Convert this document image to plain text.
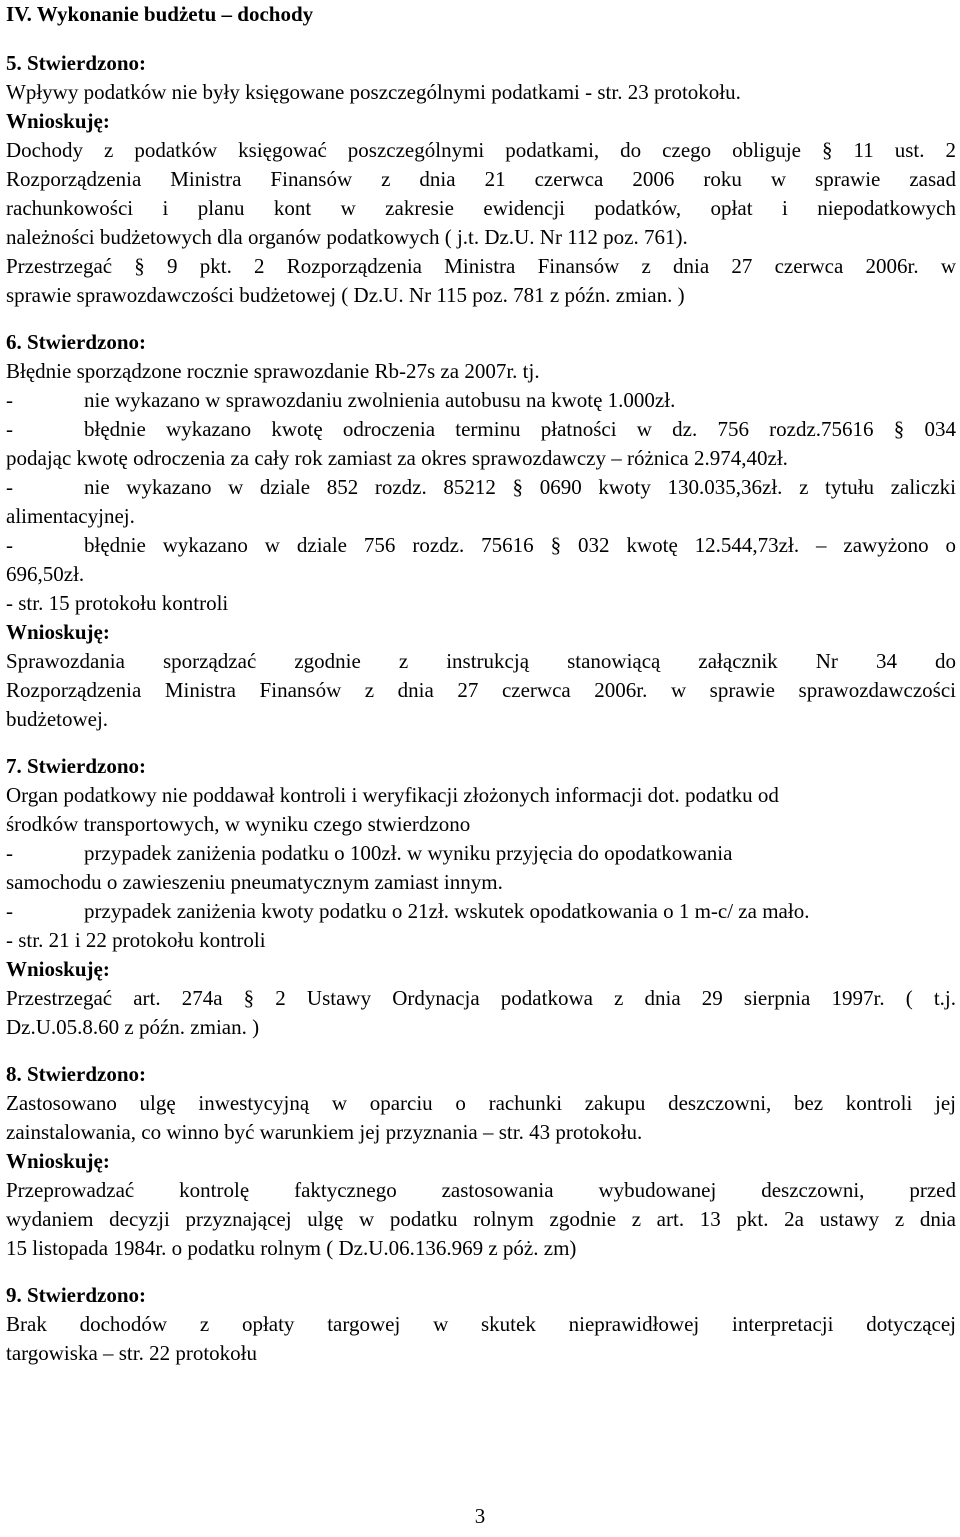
IV. Wykonanie budżetu – dochody
5. Stwierdzono:
Wpływy podatków nie były księgowane poszczególnymi podatkami - str. 23 protokołu.
Wnioskuję:
Dochody z podatków księgować poszczególnymi podatkami, do czego obliguje § 11 ust. 2
Rozporządzenia Ministra Finansów z dnia 21 czerwca 2006 roku w sprawie zasad
rachunkowości i planu kont w zakresie ewidencji podatków, opłat i niepodatkowych
należności budżetowych dla organów podatkowych ( j.t. Dz.U. Nr 112 poz. 761).
Przestrzegać § 9 pkt. 2 Rozporządzenia Ministra Finansów z dnia 27 czerwca 2006r. w
sprawie sprawozdawczości budżetowej ( Dz.U. Nr 115 poz. 781 z późn. zmian. )
6. Stwierdzono:
Błędnie sporządzone rocznie sprawozdanie Rb-27s za 2007r. tj.
-	nie wykazano w sprawozdaniu zwolnienia autobusu na kwotę 1.000zł.
-	błędnie wykazano kwotę odroczenia terminu płatności w dz. 756 rozdz.75616 § 034
podając kwotę odroczenia za cały rok zamiast za okres sprawozdawczy – różnica 2.974,40zł.
-	nie wykazano w dziale 852 rozdz. 85212 § 0690 kwoty 130.035,36zł. z tytułu zaliczki
alimentacyjnej.
-	błędnie wykazano w dziale 756 rozdz. 75616 § 032 kwotę 12.544,73zł. – zawyżono o
696,50zł.
- str. 15 protokołu kontroli
Wnioskuję:
Sprawozdania sporządzać zgodnie z instrukcją stanowiącą załącznik Nr 34 do
Rozporządzenia Ministra Finansów z dnia 27 czerwca 2006r. w sprawie sprawozdawczości
budżetowej.
7. Stwierdzono:
Organ podatkowy nie poddawał kontroli i weryfikacji złożonych informacji dot. podatku od
środków transportowych, w wyniku czego stwierdzono
-	przypadek zaniżenia podatku o 100zł. w wyniku przyjęcia do opodatkowania
samochodu o zawieszeniu pneumatycznym zamiast innym.
-	przypadek zaniżenia kwoty podatku o 21zł. wskutek opodatkowania o 1 m-c/ za mało.
- str. 21 i 22 protokołu kontroli
Wnioskuję:
Przestrzegać art. 274a § 2 Ustawy Ordynacja podatkowa z dnia 29 sierpnia 1997r. ( t.j.
Dz.U.05.8.60 z późn. zmian. )
8. Stwierdzono:
Zastosowano ulgę inwestycyjną w oparciu o rachunki zakupu deszczowni, bez kontroli jej
zainstalowania, co winno być warunkiem jej przyznania – str. 43 protokołu.
Wnioskuję:
Przeprowadzać kontrolę faktycznego zastosowania wybudowanej deszczowni, przed
wydaniem decyzji przyznającej ulgę w podatku rolnym zgodnie z art. 13 pkt. 2a ustawy z dnia
15 listopada 1984r. o podatku rolnym ( Dz.U.06.136.969 z póż. zm)
9. Stwierdzono:
Brak dochodów z opłaty targowej w skutek nieprawidłowej interpretacji dotyczącej
targowiska – str. 22 protokołu
3
